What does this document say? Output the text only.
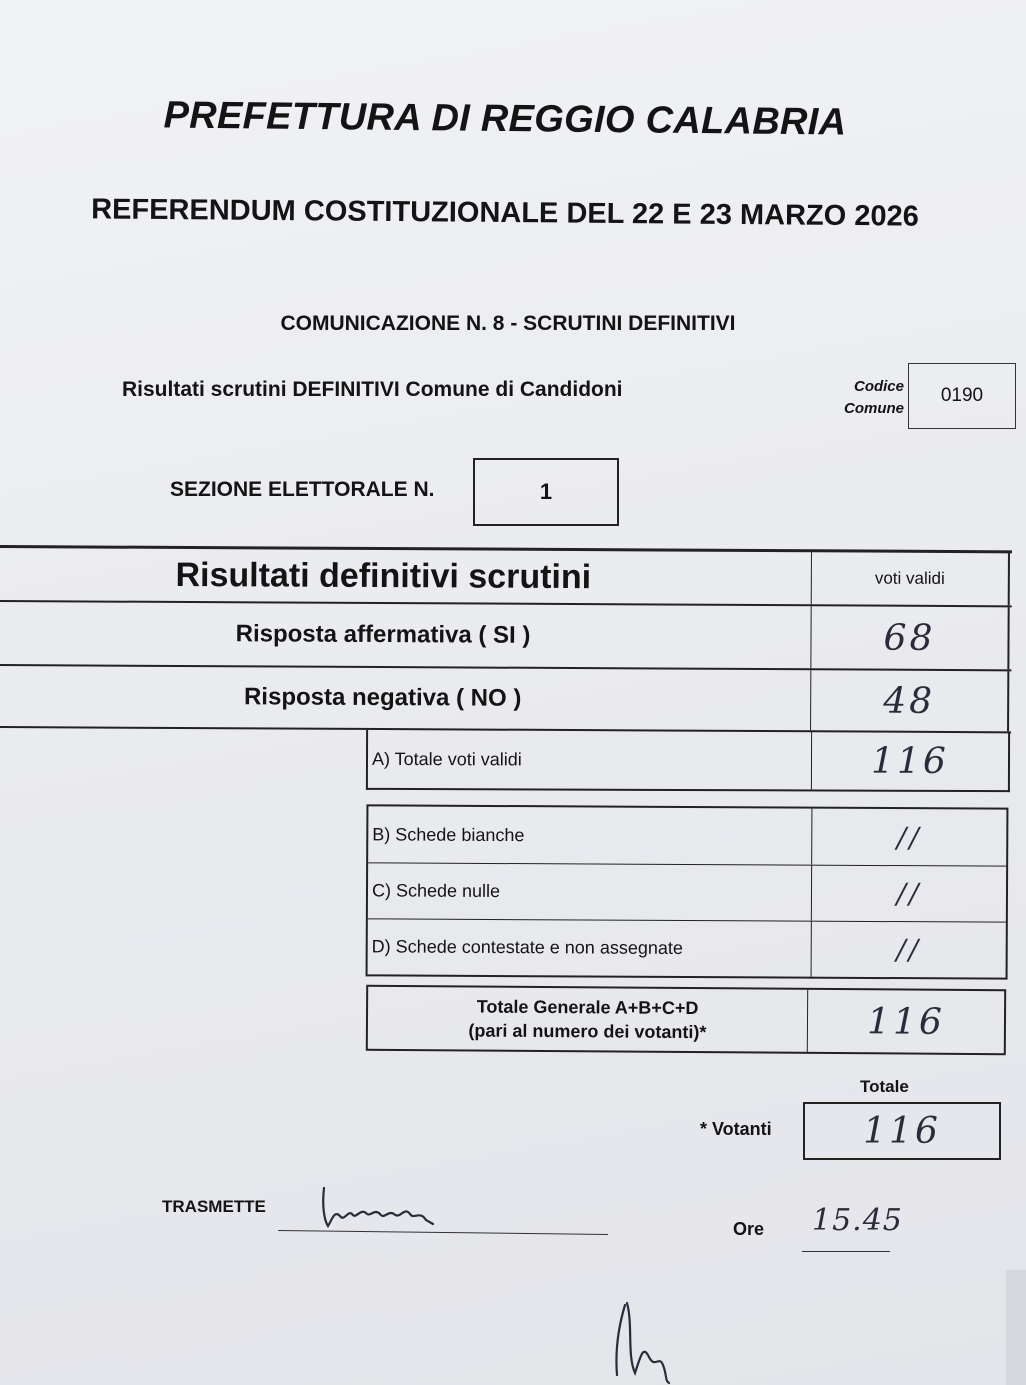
PREFETTURA DI REGGIO CALABRIA
REFERENDUM COSTITUZIONALE DEL 22 E 23 MARZO 2026
COMUNICAZIONE N. 8 - SCRUTINI DEFINITIVI
Risultati scrutini DEFINITIVI Comune di Candidoni	Codice
Comune
0190
SEZIONE ELETTORALE N.	1
Risultati definitivi scrutini	voti validi
Risposta affermativa ( SI )	68
Risposta negativa ( NO )	48
A) Totale voti validi	116
B) Schede bianche	//
C) Schede nulle	//
D) Schede contestate e non assegnate	//
Totale Generale A+B+C+D
(pari al numero dei votanti)*	116
Totale
* Votanti	116
TRASMETTE
Ore 15.45
